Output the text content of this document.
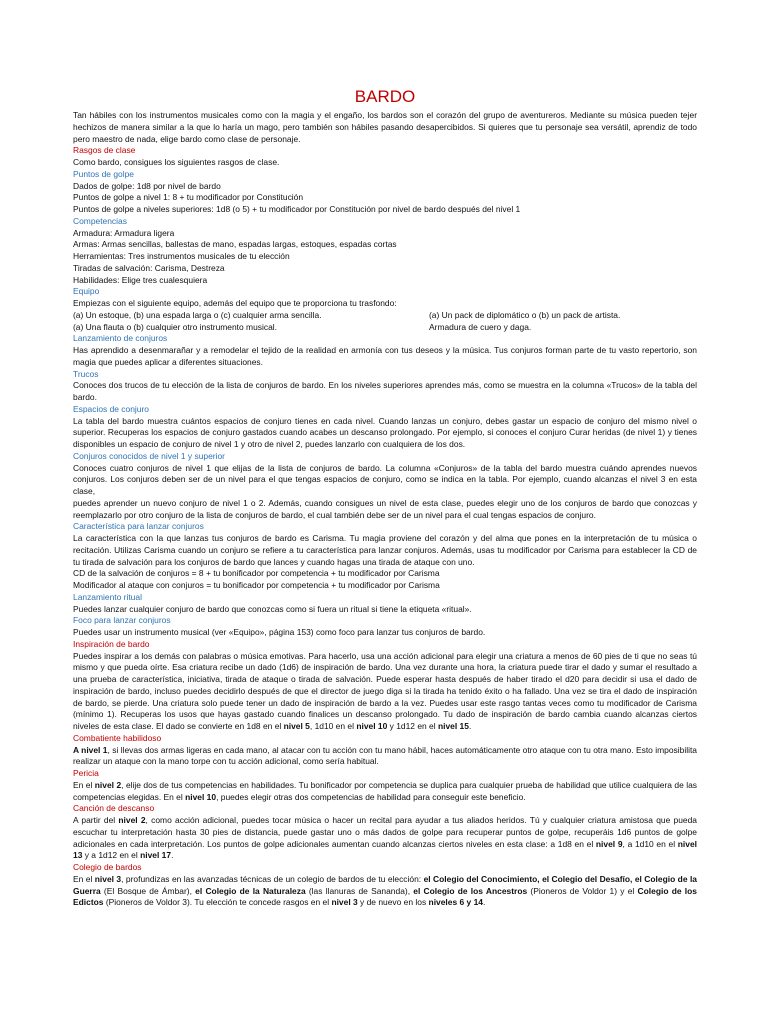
BARDO

Tan hábiles con los instrumentos musicales como con la magia y el engaño, los bardos son el corazón del grupo de aventureros. Mediante su música pueden tejer hechizos de manera similar a la que lo haría un mago, pero también son hábiles pasando desapercibidos. Si quieres que tu personaje sea versátil, aprendiz de todo pero maestro de nada, elige bardo como clase de personaje.

Rasgos de clase

Como bardo, consigues los siguientes rasgos de clase.

Puntos de golpe

Dados de golpe: 1d8 por nivel de bardo

Puntos de golpe a nivel 1: 8 + tu modificador por Constitución

Puntos de golpe a niveles superiores: 1d8 (o 5) + tu modificador por Constitución por nivel de bardo después del nivel 1

Competencias

Armadura: Armadura ligera

Armas: Armas sencillas, ballestas de mano, espadas largas, estoques, espadas cortas

Herramientas: Tres instrumentos musicales de tu elección

Tiradas de salvación: Carisma, Destreza

Habilidades: Elige tres cualesquiera

Equipo

Empiezas con el siguiente equipo, además del equipo que te proporciona tu trasfondo:

(a) Un estoque, (b) una espada larga o (c) cualquier arma sencilla.

(a) Una flauta o (b) cualquier otro instrumento musical.

(a) Un pack de diplomático o (b) un pack de artista.

Armadura de cuero y daga.

Lanzamiento de conjuros

Has aprendido a desenmarañar y a remodelar el tejido de la realidad en armonía con tus deseos y la música. Tus conjuros forman parte de tu vasto repertorio, son magia que puedes aplicar a diferentes situaciones.

Trucos

Conoces dos trucos de tu elección de la lista de conjuros de bardo. En los niveles superiores aprendes más, como se muestra en la columna «Trucos» de la tabla del bardo.

Espacios de conjuro

La tabla del bardo muestra cuántos espacios de conjuro tienes en cada nivel. Cuando lanzas un conjuro, debes gastar un espacio de conjuro del mismo nivel o superior. Recuperas los espacios de conjuro gastados cuando acabes un descanso prolongado. Por ejemplo, si conoces el conjuro Curar heridas (de nivel 1) y tienes disponibles un espacio de conjuro de nivel 1 y otro de nivel 2, puedes lanzarlo con cualquiera de los dos.

Conjuros conocidos de nivel 1 y superior

Conoces cuatro conjuros de nivel 1 que elijas de la lista de conjuros de bardo. La columna «Conjuros» de la tabla del bardo muestra cuándo aprendes nuevos conjuros. Los conjuros deben ser de un nivel para el que tengas espacios de conjuro, como se indica en la tabla. Por ejemplo, cuando alcanzas el nivel 3 en esta clase,

puedes aprender un nuevo conjuro de nivel 1 o 2. Además, cuando consigues un nivel de esta clase, puedes elegir uno de los conjuros de bardo que conozcas y reemplazarlo por otro conjuro de la lista de conjuros de bardo, el cual también debe ser de un nivel para el cual tengas espacios de conjuro.

Característica para lanzar conjuros

La característica con la que lanzas tus conjuros de bardo es Carisma. Tu magia proviene del corazón y del alma que pones en la interpretación de tu música o recitación. Utilizas Carisma cuando un conjuro se refiere a tu característica para lanzar conjuros. Además, usas tu modificador por Carisma para establecer la CD de tu tirada de salvación para los conjuros de bardo que lances y cuando hagas una tirada de ataque con uno.

CD de la salvación de conjuros = 8 + tu bonificador por competencia + tu modificador por Carisma

Modificador al ataque con conjuros = tu bonificador por competencia + tu modificador por Carisma

Lanzamiento ritual

Puedes lanzar cualquier conjuro de bardo que conozcas como si fuera un ritual si tiene la etiqueta «ritual».

Foco para lanzar conjuros

Puedes usar un instrumento musical (ver «Equipo», página 153) como foco para lanzar tus conjuros de bardo.

Inspiración de bardo

Puedes inspirar a los demás con palabras o música emotivas. Para hacerlo, usa una acción adicional para elegir una criatura a menos de 60 pies de ti que no seas tú mismo y que pueda oírte. Esa criatura recibe un dado (1d6) de inspiración de bardo. Una vez durante una hora, la criatura puede tirar el dado y sumar el resultado a una prueba de característica, iniciativa, tirada de ataque o tirada de salvación. Puede esperar hasta después de haber tirado el d20 para decidir si usa el dado de inspiración de bardo, incluso puedes decidirlo después de que el director de juego diga si la tirada ha tenido éxito o ha fallado. Una vez se tira el dado de inspiración de bardo, se pierde. Una criatura solo puede tener un dado de inspiración de bardo a la vez. Puedes usar este rasgo tantas veces como tu modificador de Carisma (mínimo 1). Recuperas los usos que hayas gastado cuando finalices un descanso prolongado. Tu dado de inspiración de bardo cambia cuando alcanzas ciertos niveles de esta clase. El dado se convierte en 1d8 en el nivel 5, 1d10 en el nivel 10 y 1d12 en el nivel 15.

Combatiente habilidoso

A nivel 1, si llevas dos armas ligeras en cada mano, al atacar con tu acción con tu mano hábil, haces automáticamente otro ataque con tu otra mano. Esto imposibilita realizar un ataque con la mano torpe con tu acción adicional, como sería habitual.

Pericia

En el nivel 2, elije dos de tus competencias en habilidades. Tu bonificador por competencia se duplica para cualquier prueba de habilidad que utilice cualquiera de las competencias elegidas. En el nivel 10, puedes elegir otras dos competencias de habilidad para conseguir este beneficio.

Canción de descanso

A partir del nivel 2, como acción adicional, puedes tocar música o hacer un recital para ayudar a tus aliados heridos. Tú y cualquier criatura amistosa que pueda escuchar tu interpretación hasta 30 pies de distancia, puede gastar uno o más dados de golpe para recuperar puntos de golpe, recuperáis 1d6 puntos de golpe adicionales en cada interpretación. Los puntos de golpe adicionales aumentan cuando alcanzas ciertos niveles en esta clase: a 1d8 en el nivel 9, a 1d10 en el nivel 13 y a 1d12 en el nivel 17.

Colegio de bardos

En el nivel 3, profundizas en las avanzadas técnicas de un colegio de bardos de tu elección: el Colegio del Conocimiento, el Colegio del Desafío, el Colegio de la Guerra (El Bosque de Ámbar), el Colegio de la Naturaleza (las llanuras de Sananda), el Colegio de los Ancestros (Pioneros de Voldor 1) y el Colegio de los Edictos (Pioneros de Voldor 3). Tu elección te concede rasgos en el nivel 3 y de nuevo en los niveles 6 y 14.
